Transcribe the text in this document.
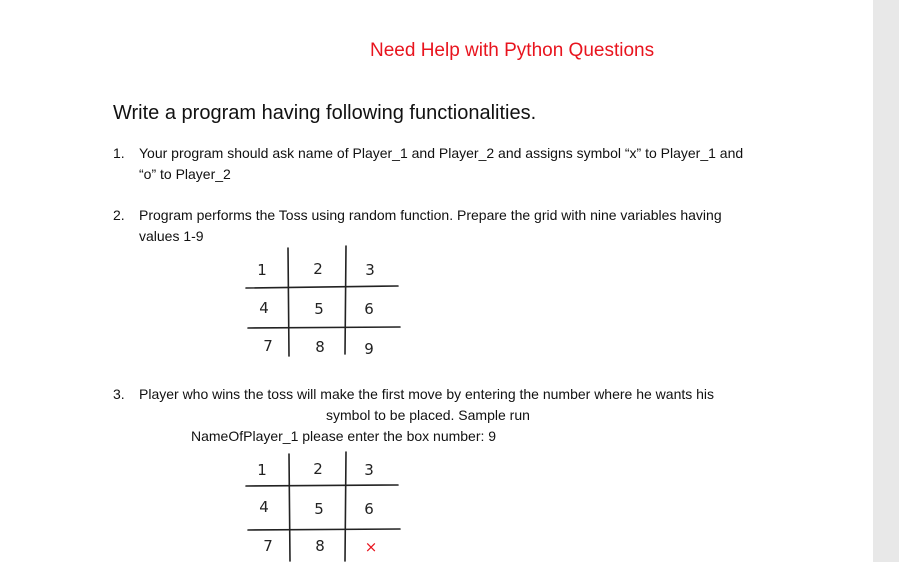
Need Help with Python Questions
Write a program having following functionalities.
1. Your program should ask name of Player_1 and Player_2 and assigns symbol “x” to Player_1 and
“o” to Player_2
2. Program performs the Toss using random function. Prepare the grid with nine variables having
values 1-9
1	2	3
4	5	6
7	8	9
3. Player who wins the toss will make the first move by entering the number where he wants his
symbol to be placed. Sample run
NameOfPlayer_1 please enter the box number: 9
1	2	3
4	5	6
7	8	×
